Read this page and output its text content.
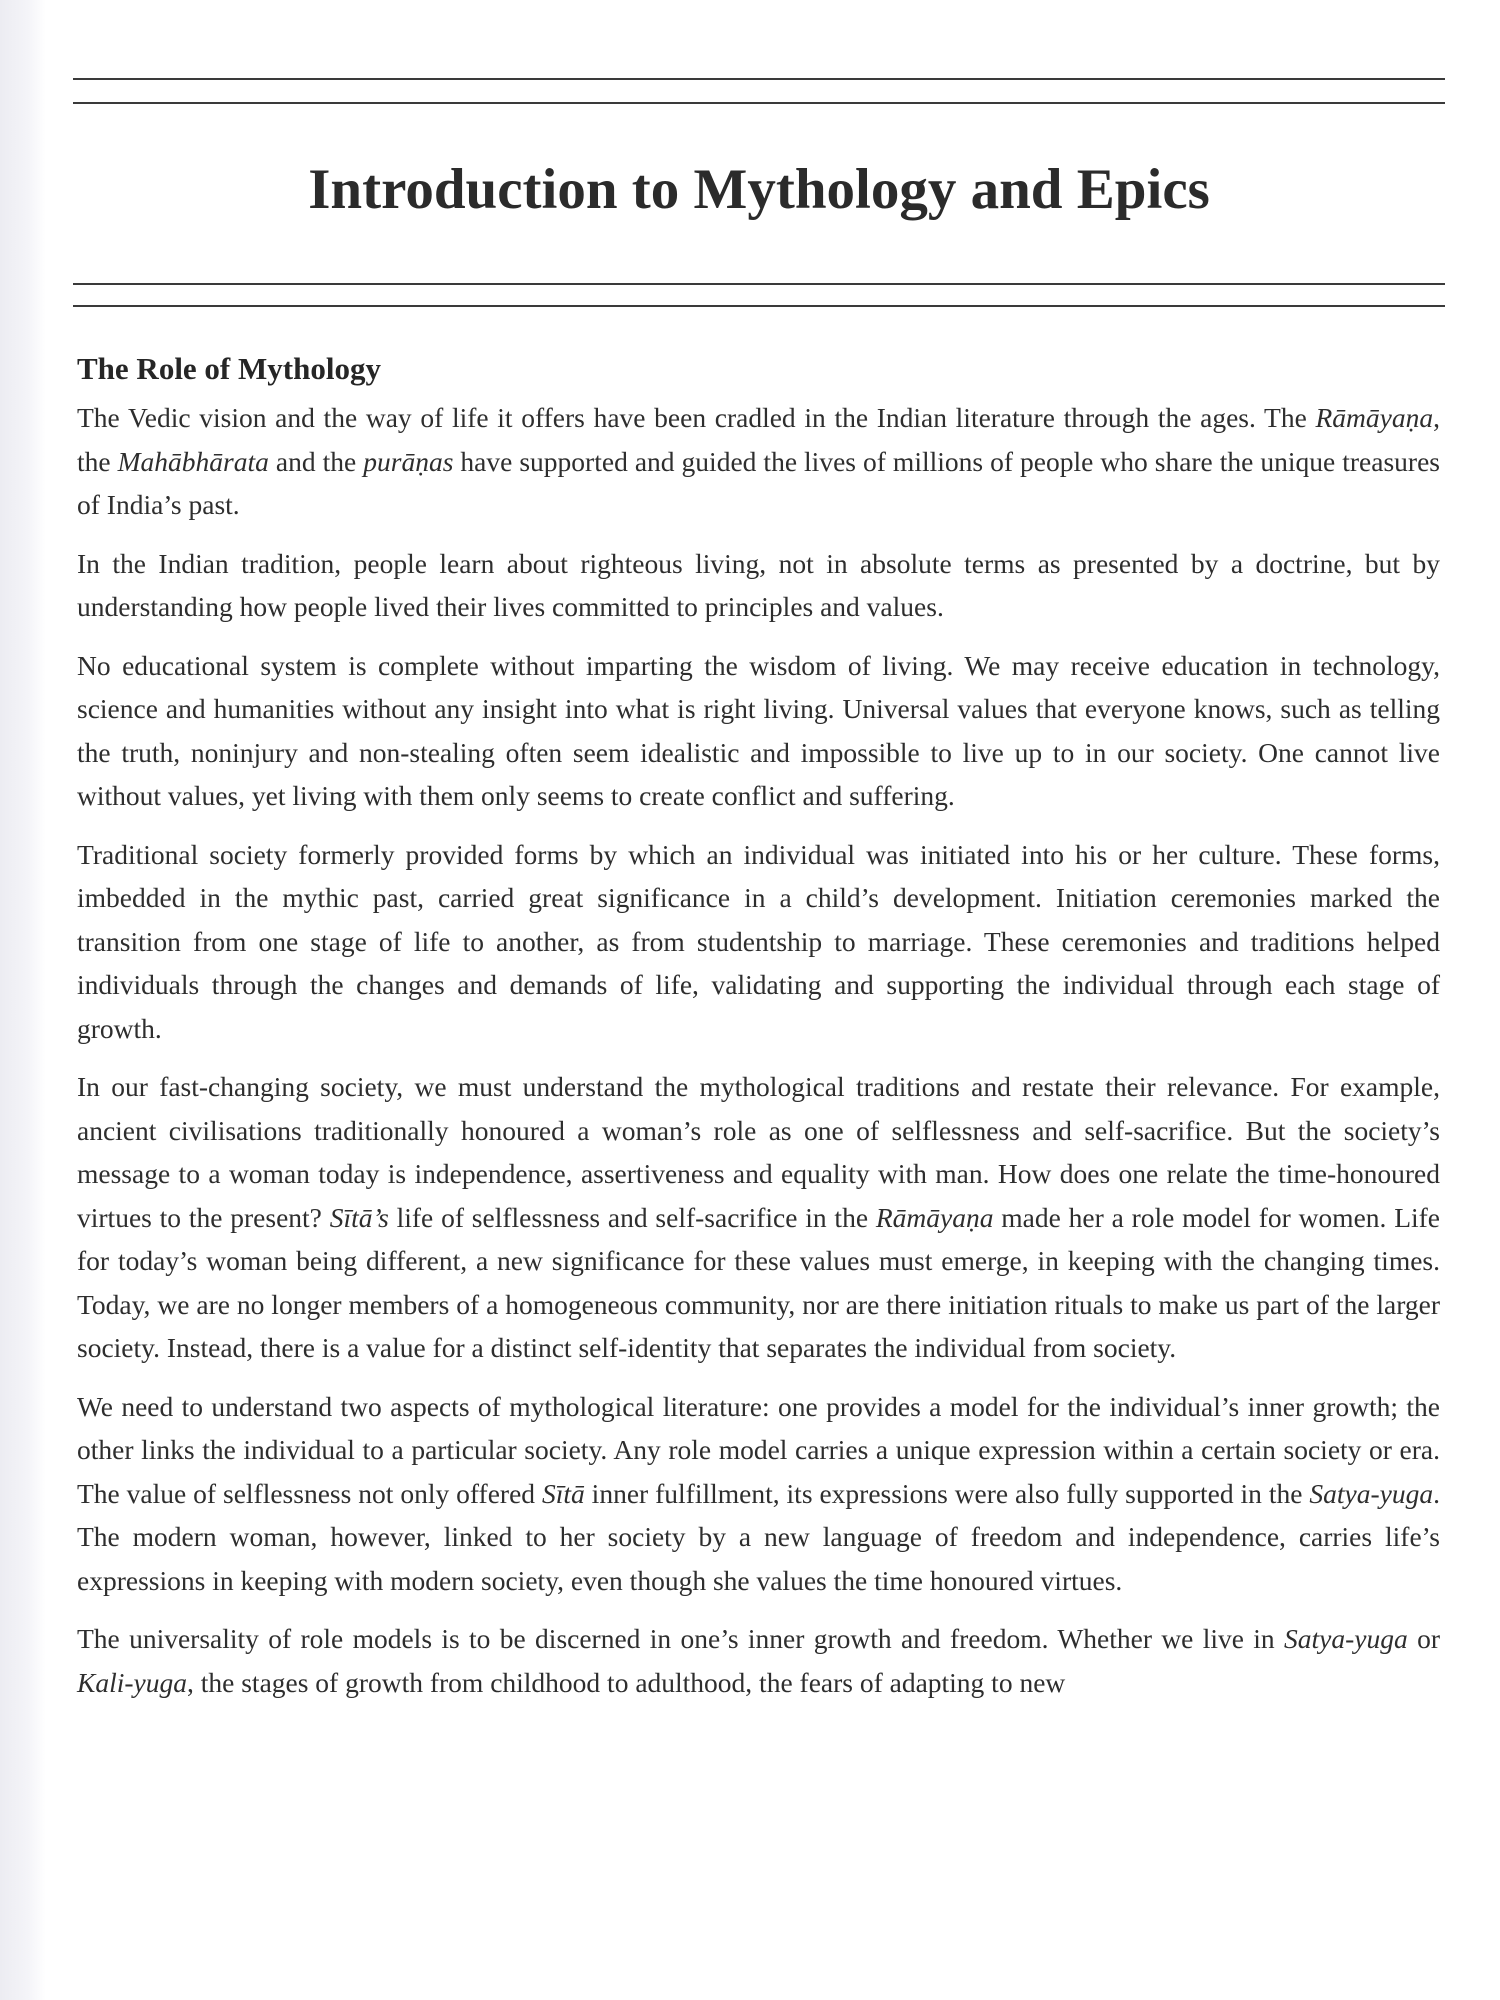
Introduction to Mythology and Epics
The Role of Mythology

The Vedic vision and the way of life it offers have been cradled in the Indian literature through the ages. The Rāmāyaṇa, the Mahābhārata and the purāṇas have supported and guided the lives of millions of people who share the unique treasures of India’s past.

In the Indian tradition, people learn about righteous living, not in absolute terms as presented by a doctrine, but by understanding how people lived their lives committed to principles and values.

No educational system is complete without imparting the wisdom of living. We may receive education in technology, science and humanities without any insight into what is right living. Universal values that everyone knows, such as telling the truth, noninjury and non-stealing often seem idealistic and impossible to live up to in our society. One cannot live without values, yet living with them only seems to create conflict and suffering.

Traditional society formerly provided forms by which an individual was initiated into his or her culture. These forms, imbedded in the mythic past, carried great significance in a child’s development. Initiation ceremonies marked the transition from one stage of life to another, as from studentship to marriage. These ceremonies and traditions helped individuals through the changes and demands of life, validating and supporting the individual through each stage of growth.

In our fast-changing society, we must understand the mythological traditions and restate their relevance. For example, ancient civilisations traditionally honoured a woman’s role as one of selflessness and self-sacrifice. But the society’s message to a woman today is independence, assertiveness and equality with man. How does one relate the time-honoured virtues to the present? Sītā’s life of selflessness and self-sacrifice in the Rāmāyaṇa made her a role model for women. Life for today’s woman being different, a new significance for these values must emerge, in keeping with the changing times. Today, we are no longer members of a homogeneous community, nor are there initiation rituals to make us part of the larger society. Instead, there is a value for a distinct self-identity that separates the individual from society.

We need to understand two aspects of mythological literature: one provides a model for the individual’s inner growth; the other links the individual to a particular society. Any role model carries a unique expression within a certain society or era. The value of selflessness not only offered Sītā inner fulfillment, its expressions were also fully supported in the Satya-yuga. The modern woman, however, linked to her society by a new language of freedom and independence, carries life’s expressions in keeping with modern society, even though she values the time honoured virtues.

The universality of role models is to be discerned in one’s inner growth and freedom. Whether we live in Satya-yuga or Kali-yuga, the stages of growth from childhood to adulthood, the fears of adapting to new
